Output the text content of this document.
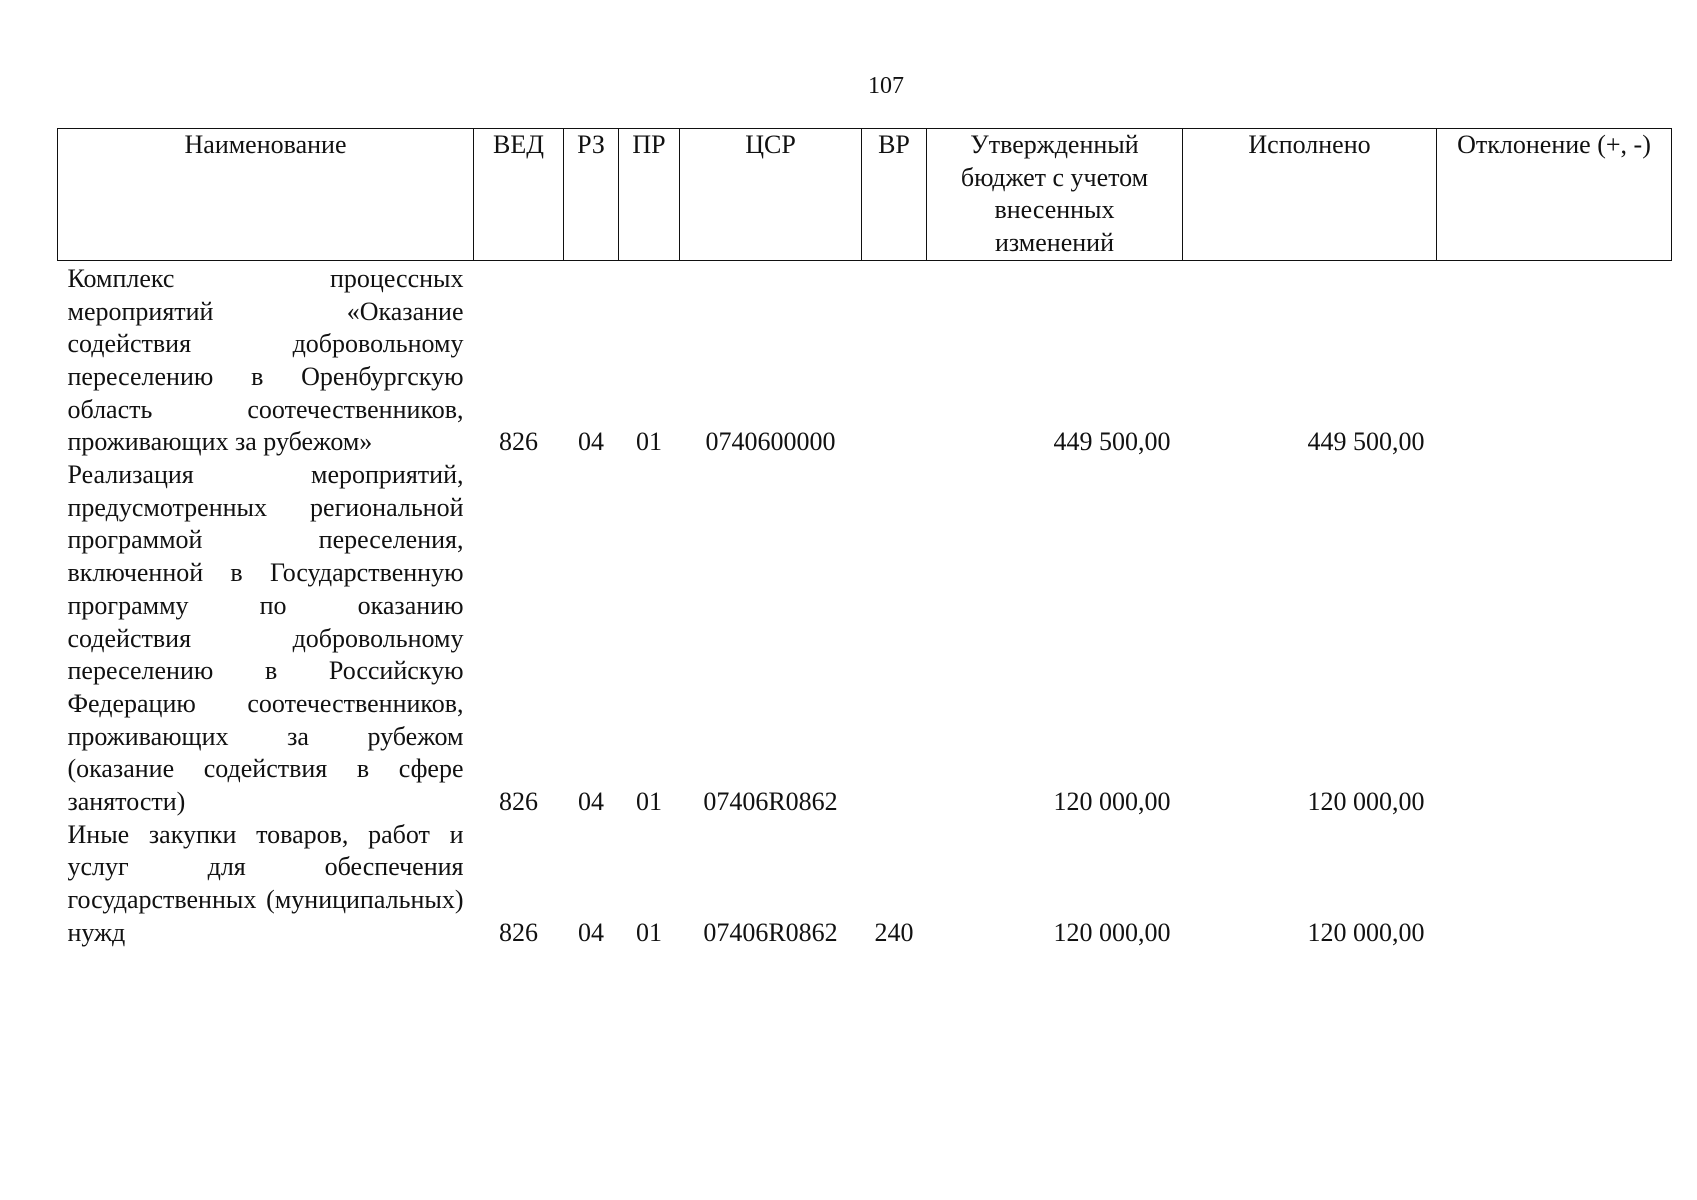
107
Наименование	ВЕД	РЗ	ПР	ЦСР	ВР	Утвержденный бюджет с учетом внесенных изменений	Исполнено	Отклонение (+, -)
Комплекс процессных мероприятий «Оказание содействия добровольному переселению в Оренбургскую область соотечественников, проживающих за рубежом»	826	04	01	0740600000		449 500,00	449 500,00	
Реализация мероприятий, предусмотренных региональной программой переселения, включенной в Государственную программу по оказанию содействия добровольному переселению в Российскую Федерацию соотечественников, проживающих за рубежом (оказание содействия в сфере занятости)	826	04	01	07406R0862		120 000,00	120 000,00	
Иные закупки товаров, работ и услуг для обеспечения государственных (муниципальных) нужд	826	04	01	07406R0862	240	120 000,00	120 000,00	
